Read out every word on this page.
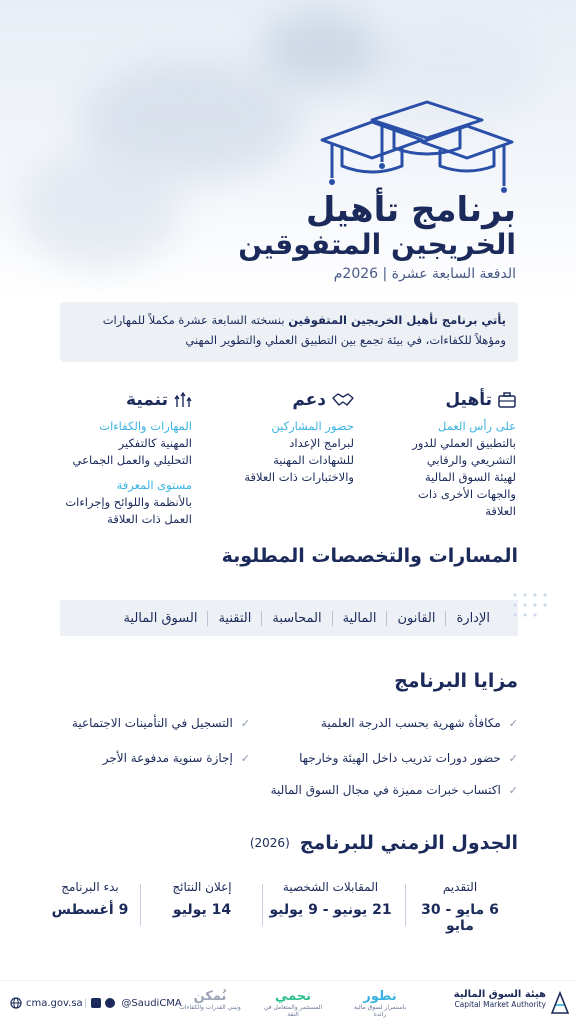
برنامج تأهيل
الخريجين المتفوقين
الدفعة السابعة عشرة | 2026م
يأتي برنامج تأهيل الخريجين المتفوقين بنسخته السابعة عشرة مكملاً للمهارات ومؤهلاً للكفاءات، في بيئة تجمع بين التطبيق العملي والتطوير المهني
تأهيل
على رأس العمل
بالتطبيق العملي للدور
التشريعي والرقابي
لهيئة السوق المالية
والجهات الأخرى ذات
العلاقة
دعم
حضور المشاركين
لبرامج الإعداد
للشهادات المهنية
والاختبارات ذات العلاقة
تنمية
المهارات والكفاءات
المهنية كالتفكير
التحليلي والعمل الجماعي
مستوى المعرفة
بالأنظمة واللوائح وإجراءات
العمل ذات العلاقة
المسارات والتخصصات المطلوبة
الإدارة
القانون
المالية
المحاسبة
التقنية
السوق المالية
مزايا البرنامج
✓
مكافأة شهرية بحسب الدرجة العلمية
✓
التسجيل في التأمينات الاجتماعية
✓
حضور دورات تدريب داخل الهيئة وخارجها
✓
إجازة سنوية مدفوعة الأجر
✓
اكتساب خبرات مميزة في مجال السوق المالية
الجدول الزمني للبرنامج
(2026)
التقديم
6 مايو - 30 مايو
المقابلات الشخصية
21 يونيو - 9 يوليو
إعلان النتائج
14 يوليو
بدء البرنامج
9 أغسطس
cma.gov.sa |	@SaudiCMA	نطور
باستمرار لسوق مالية رائدة
نحمي
المستثمر والمتعامل في الثقة
نُمكن
ونبني القدرات والكفاءات
هيئة السوق المالية
Capital Market Authority
